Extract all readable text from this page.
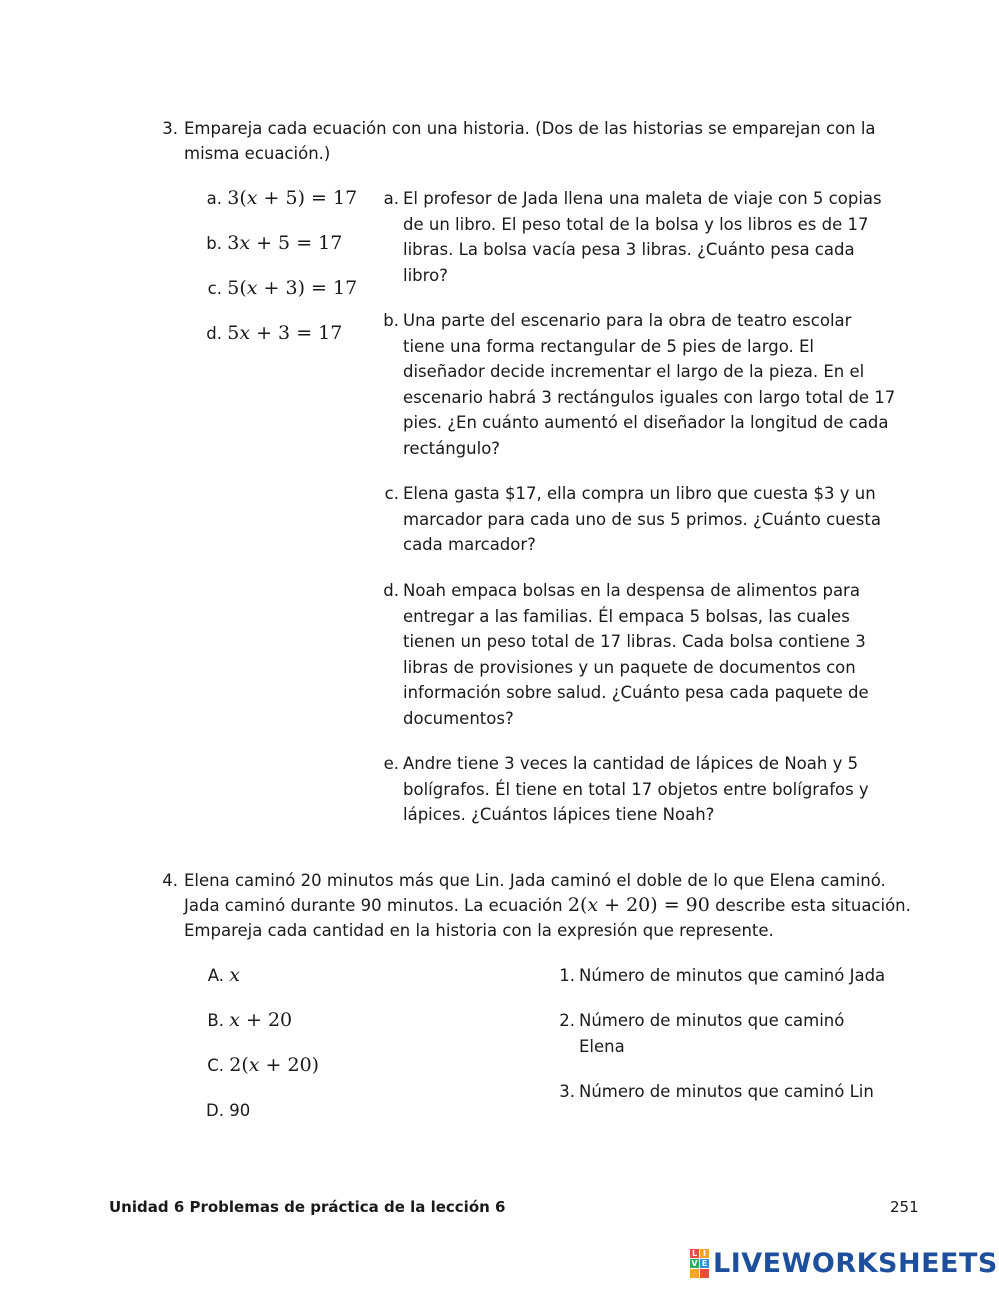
3. Empareja cada ecuación con una historia. (Dos de las historias se emparejan con la
misma ecuación.)
a. 3(x + 5) = 17
b. 3x + 5 = 17
c. 5(x + 3) = 17
d. 5x + 3 = 17
a. El profesor de Jada llena una maleta de viaje con 5 copias
de un libro. El peso total de la bolsa y los libros es de 17
libras. La bolsa vacía pesa 3 libras. ¿Cuánto pesa cada
libro?
b. Una parte del escenario para la obra de teatro escolar
tiene una forma rectangular de 5 pies de largo. El
diseñador decide incrementar el largo de la pieza. En el
escenario habrá 3 rectángulos iguales con largo total de 17
pies. ¿En cuánto aumentó el diseñador la longitud de cada
rectángulo?
c. Elena gasta $17, ella compra un libro que cuesta $3 y un
marcador para cada uno de sus 5 primos. ¿Cuánto cuesta
cada marcador?
d. Noah empaca bolsas en la despensa de alimentos para
entregar a las familias. Él empaca 5 bolsas, las cuales
tienen un peso total de 17 libras. Cada bolsa contiene 3
libras de provisiones y un paquete de documentos con
información sobre salud. ¿Cuánto pesa cada paquete de
documentos?
e. Andre tiene 3 veces la cantidad de lápices de Noah y 5
bolígrafos. Él tiene en total 17 objetos entre bolígrafos y
lápices. ¿Cuántos lápices tiene Noah?
4. Elena caminó 20 minutos más que Lin. Jada caminó el doble de lo que Elena caminó.
Jada caminó durante 90 minutos. La ecuación 2(x + 20) = 90 describe esta situación.
Empareja cada cantidad en la historia con la expresión que represente.
A. x
B. x + 20
C. 2(x + 20)
D. 90
1. Número de minutos que caminó Jada
2. Número de minutos que caminó
Elena
3. Número de minutos que caminó Lin
Unidad 6 Problemas de práctica de la lección 6	251
L I
V E LIVEWORKSHEETS
